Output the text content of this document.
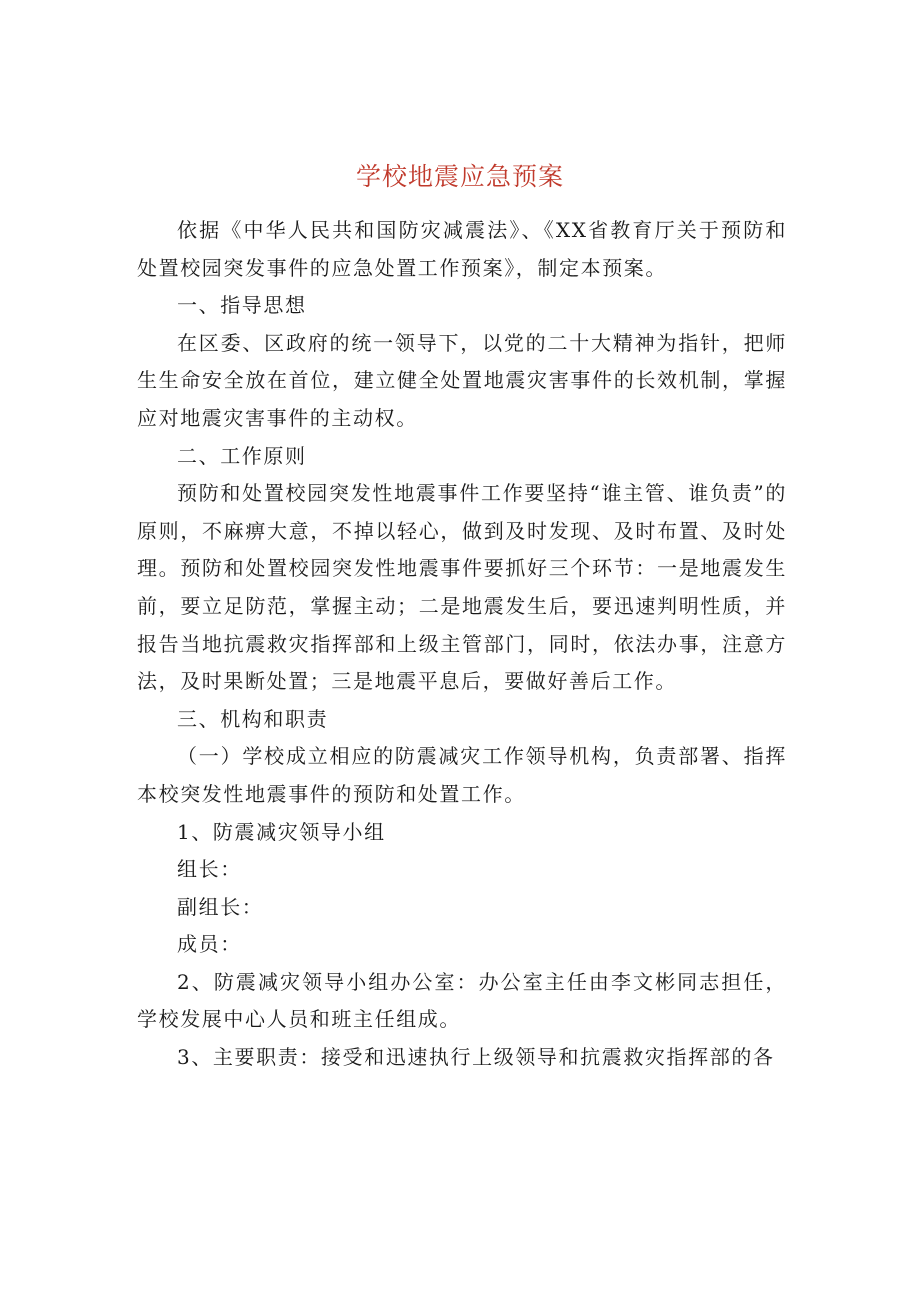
学校地震应急预案

依据《中华人民共和国防灾减震法》、《XX省教育厅关于预防和处置校园突发事件的应急处置工作预案》，制定本预案。

一、指导思想

在区委、区政府的统一领导下，以党的二十大精神为指针，把师生生命安全放在首位，建立健全处置地震灾害事件的长效机制，掌握应对地震灾害事件的主动权。

二、工作原则

预防和处置校园突发性地震事件工作要坚持“谁主管、谁负责”的原则，不麻痹大意，不掉以轻心，做到及时发现、及时布置、及时处理。预防和处置校园突发性地震事件要抓好三个环节：一是地震发生前，要立足防范，掌握主动；二是地震发生后，要迅速判明性质，并报告当地抗震救灾指挥部和上级主管部门，同时，依法办事，注意方法，及时果断处置；三是地震平息后，要做好善后工作。

三、机构和职责

（一）学校成立相应的防震减灾工作领导机构，负责部署、指挥本校突发性地震事件的预防和处置工作。

1、防震减灾领导小组

组长：

副组长：

成员：

2、防震减灾领导小组办公室：办公室主任由李文彬同志担任，学校发展中心人员和班主任组成。

3、主要职责：接受和迅速执行上级领导和抗震救灾指挥部的各
